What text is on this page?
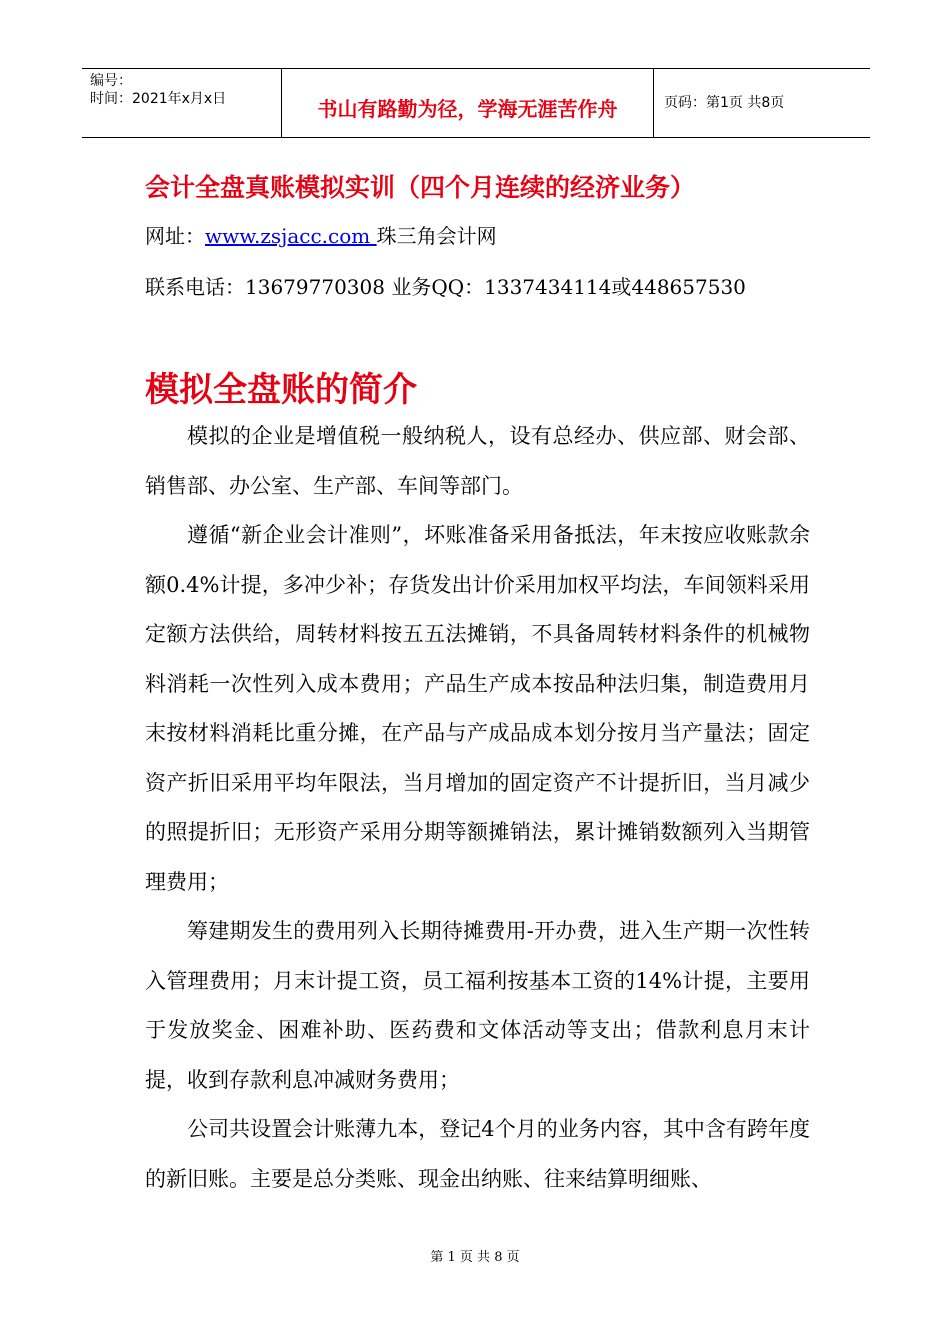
编号：
时间：2021年x月x日	书山有路勤为径，学海无涯苦作舟	页码：第1页 共8页
会计全盘真账模拟实训（四个月连续的经济业务）
网址：www.zsjacc.com 珠三角会计网
联系电话：13679770308 业务QQ：1337434114或448657530
模拟全盘账的简介

模拟的企业是增值税一般纳税人，设有总经办、供应部、财会部、销售部、办公室、生产部、车间等部门。

遵循“新企业会计准则”，坏账准备采用备抵法，年末按应收账款余额0.4%计提，多冲少补；存货发出计价采用加权平均法，车间领料采用定额方法供给，周转材料按五五法摊销，不具备周转材料条件的机械物料消耗一次性列入成本费用；产品生产成本按品种法归集，制造费用月末按材料消耗比重分摊，在产品与产成品成本划分按月当产量法；固定资产折旧采用平均年限法，当月增加的固定资产不计提折旧，当月减少的照提折旧；无形资产采用分期等额摊销法，累计摊销数额列入当期管理费用；

筹建期发生的费用列入长期待摊费用-开办费，进入生产期一次性转入管理费用；月末计提工资，员工福利按基本工资的14%计提，主要用于发放奖金、困难补助、医药费和文体活动等支出；借款利息月末计提，收到存款利息冲减财务费用；

公司共设置会计账薄九本，登记4个月的业务内容，其中含有跨年度的新旧账。主要是总分类账、现金出纳账、往来结算明细账、

第 1 页 共 8 页
